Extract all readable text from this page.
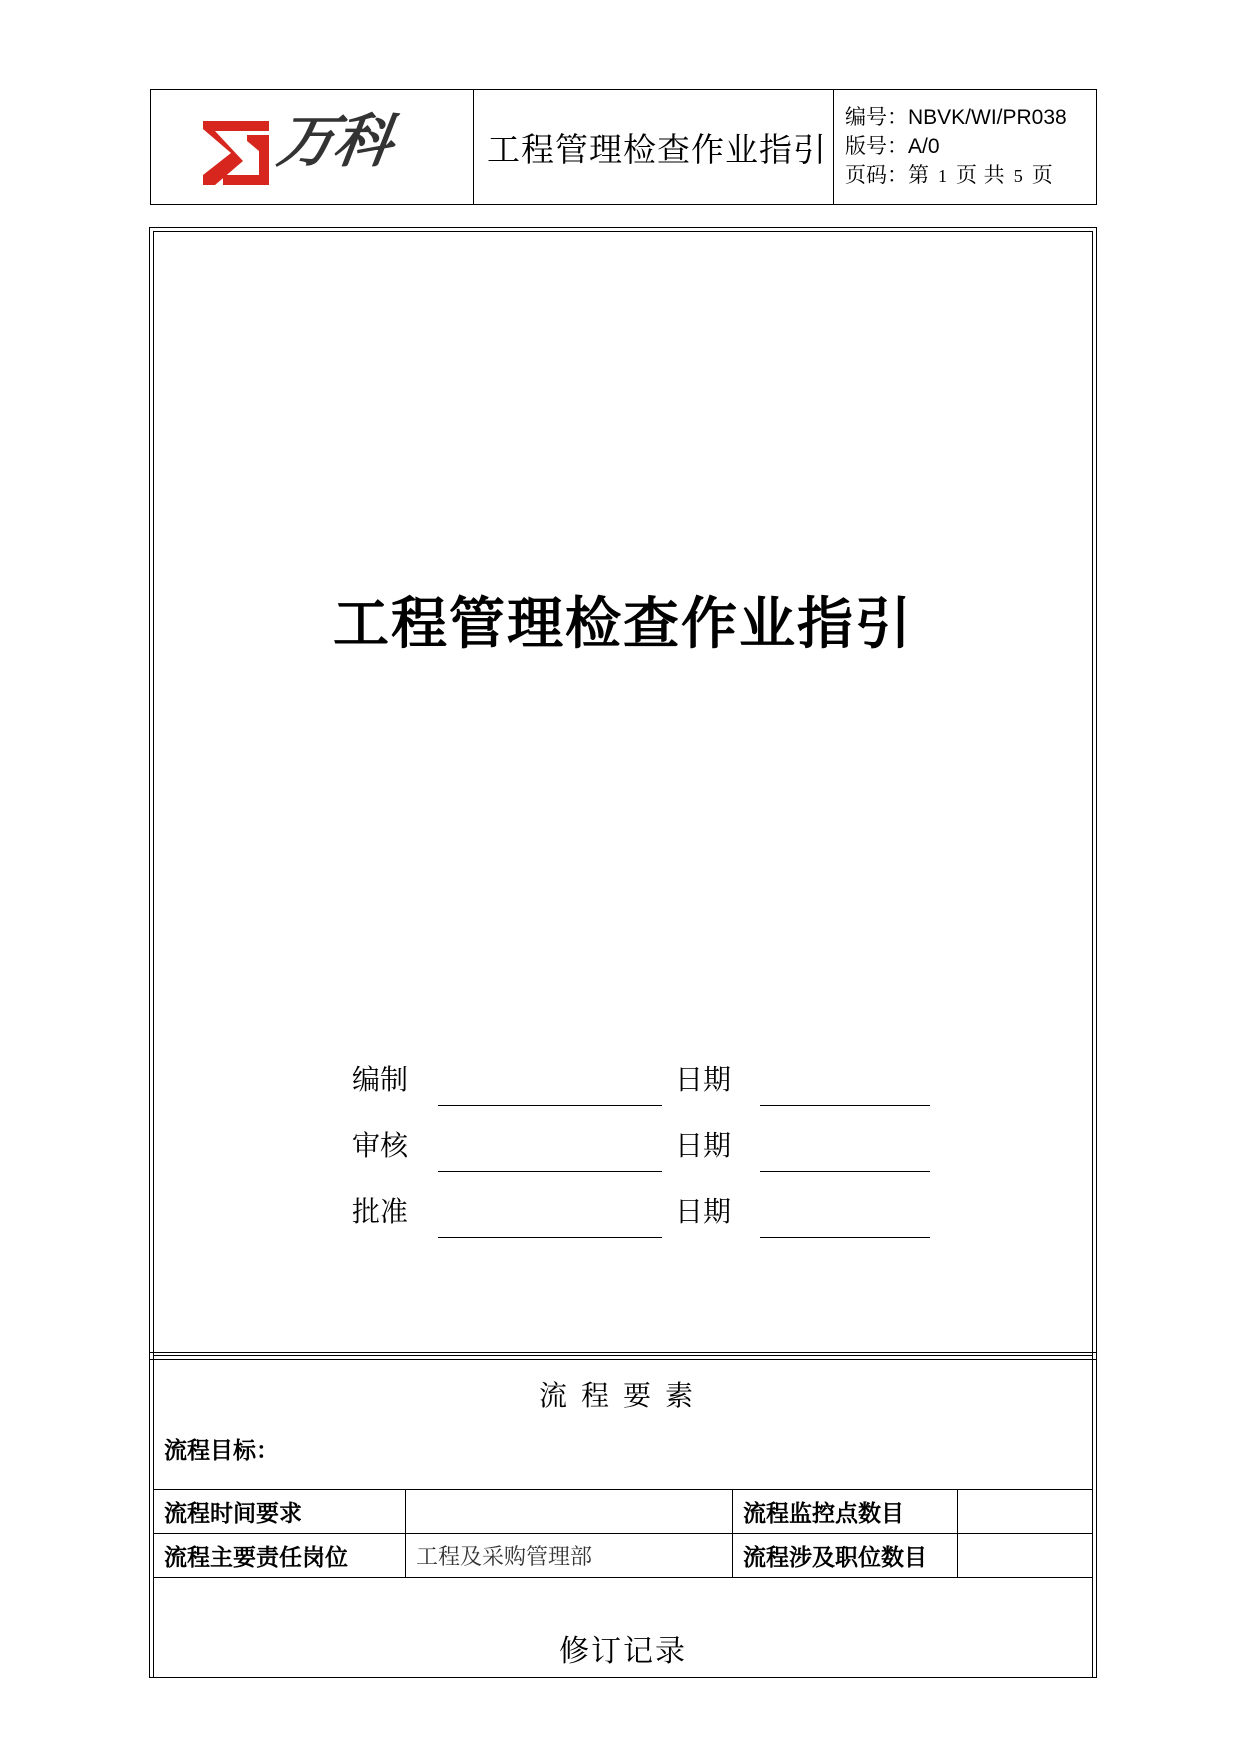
万科	工程管理检查作业指引
编号：NBVK/WI/PR038
版号：A/0
页码：第 1 页 共 5 页
工程管理检查作业指引
编制	日期
审核	日期
批准	日期
流程要素
流程目标：
流程时间要求		流程监控点数目	
流程主要责任岗位	工程及采购管理部	流程涉及职位数目	
修订记录
